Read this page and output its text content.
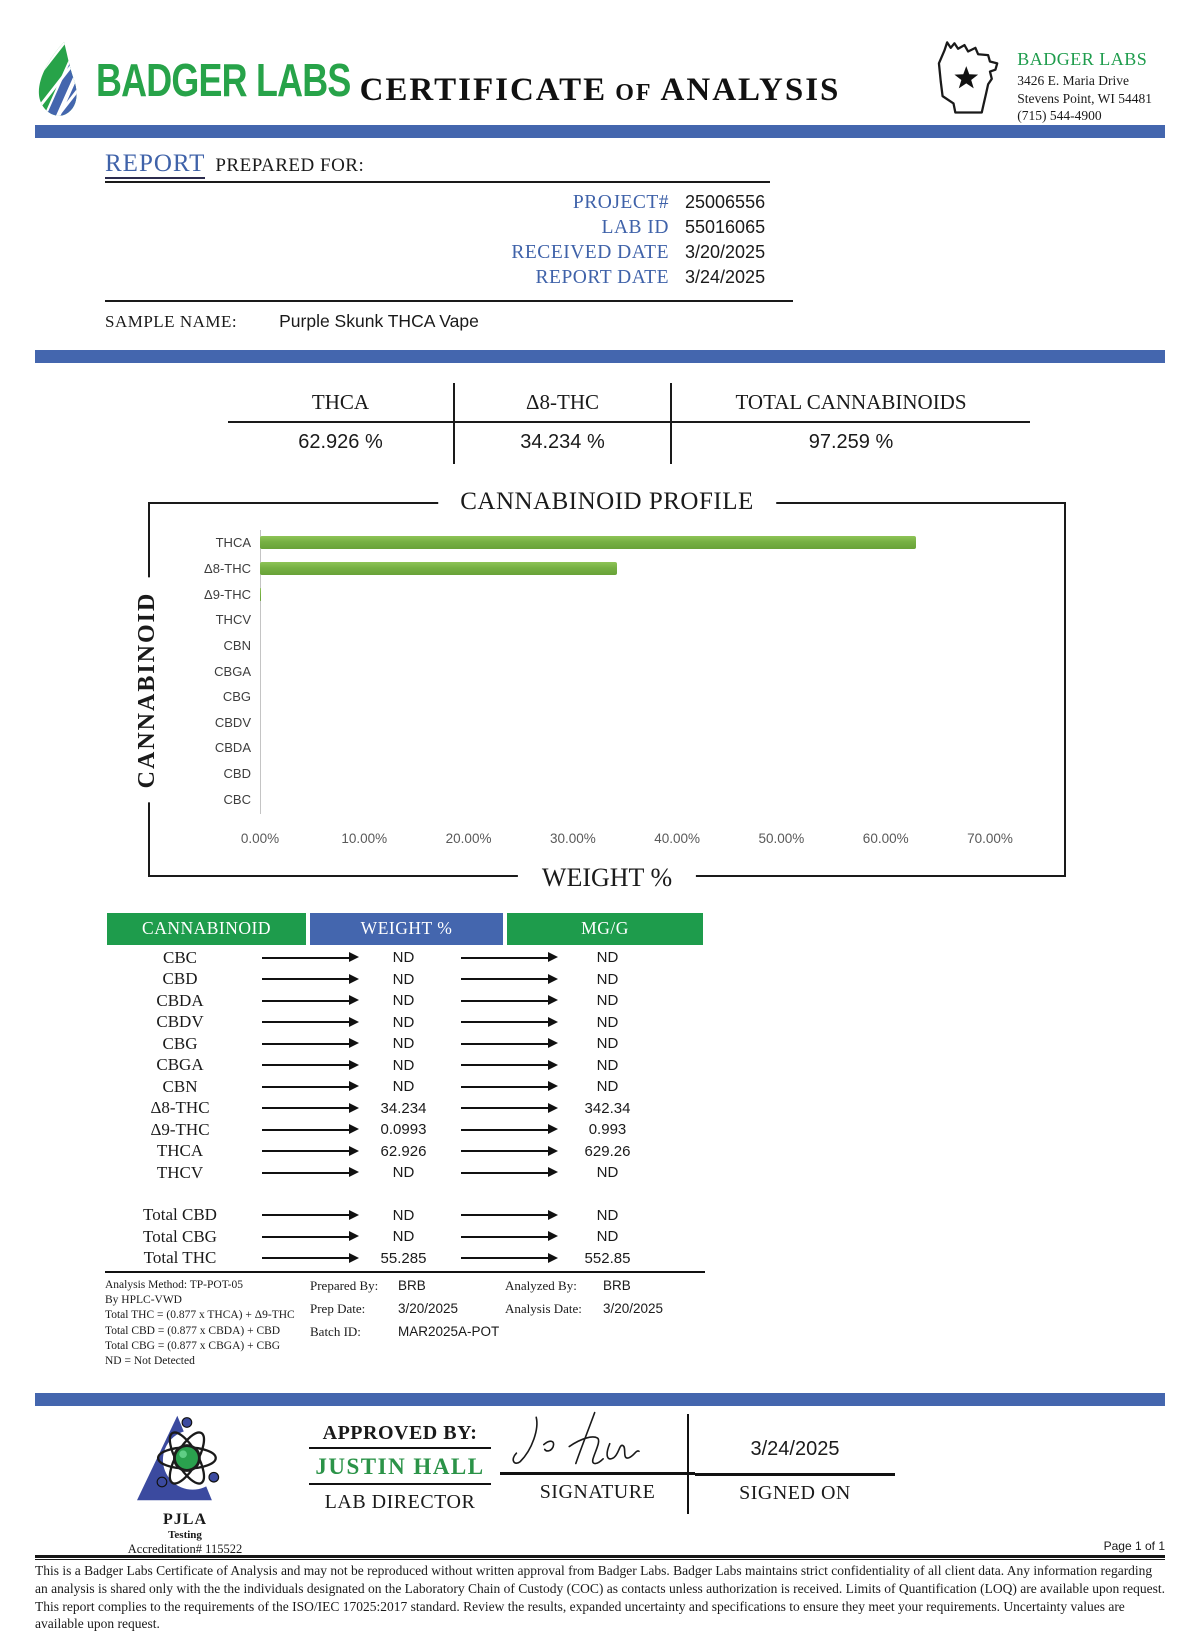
BADGER LABS CERTIFICATE OF ANALYSIS
BADGER LABS
3426 E. Maria Drive
Stevens Point, WI 54481
(715) 544-4900
REPORT PREPARED FOR:
PROJECT# 25006556
LAB ID 55016065
RECEIVED DATE 3/20/2025
REPORT DATE 3/24/2025
SAMPLE NAME: Purple Skunk THCA Vape
THCA	Δ8-THC	TOTAL CANNABINOIDS
62.926 %	34.234 %	97.259 %
CANNABINOID PROFILE
CANNABINOID
WEIGHT %
THCA
Δ8-THC
Δ9-THC
THCV
CBN
CBGA
CBG
CBDV
CBDA
CBD
CBC
0.00%	10.00%	20.00%	30.00%	40.00%	50.00%	60.00%	70.00%
CANNABINOID	WEIGHT %	MG/G
CBC	ND	ND
CBD	ND	ND
CBDA	ND	ND
CBDV	ND	ND
CBG	ND	ND
CBGA	ND	ND
CBN	ND	ND
Δ8-THC	34.234	342.34
Δ9-THC	0.0993	0.993
THCA	62.926	629.26
THCV	ND	ND
Total CBD	ND	ND
Total CBG	ND	ND
Total THC	55.285	552.85
Analysis Method: TP-POT-05
By HPLC-VWD
Total THC = (0.877 x THCA) + Δ9-THC
Total CBD = (0.877 x CBDA) + CBD
Total CBG = (0.877 x CBGA) + CBG
ND = Not Detected
Prepared By:	BRB
Prep Date:	3/20/2025
Batch ID:	MAR2025A-POT
Analyzed By:	BRB
Analysis Date:	3/20/2025
PJLA
Testing
Accreditation# 115522
APPROVED BY:
JUSTIN HALL
LAB DIRECTOR	SIGNATURE
3/24/2025
SIGNED ON
Page 1 of 1

This is a Badger Labs Certificate of Analysis and may not be reproduced without written approval from Badger Labs. Badger Labs maintains strict confidentiality of all client data. Any information regarding an analysis is shared only with the the individuals designated on the Laboratory Chain of Custody (COC) as contacts unless authorization is received. Limits of Quantification (LOQ) are available upon request. This report complies to the requirements of the ISO/IEC 17025:2017 standard. Review the results, expanded uncertainty and specifications to ensure they meet your requirements. Uncertainty values are available upon request.
